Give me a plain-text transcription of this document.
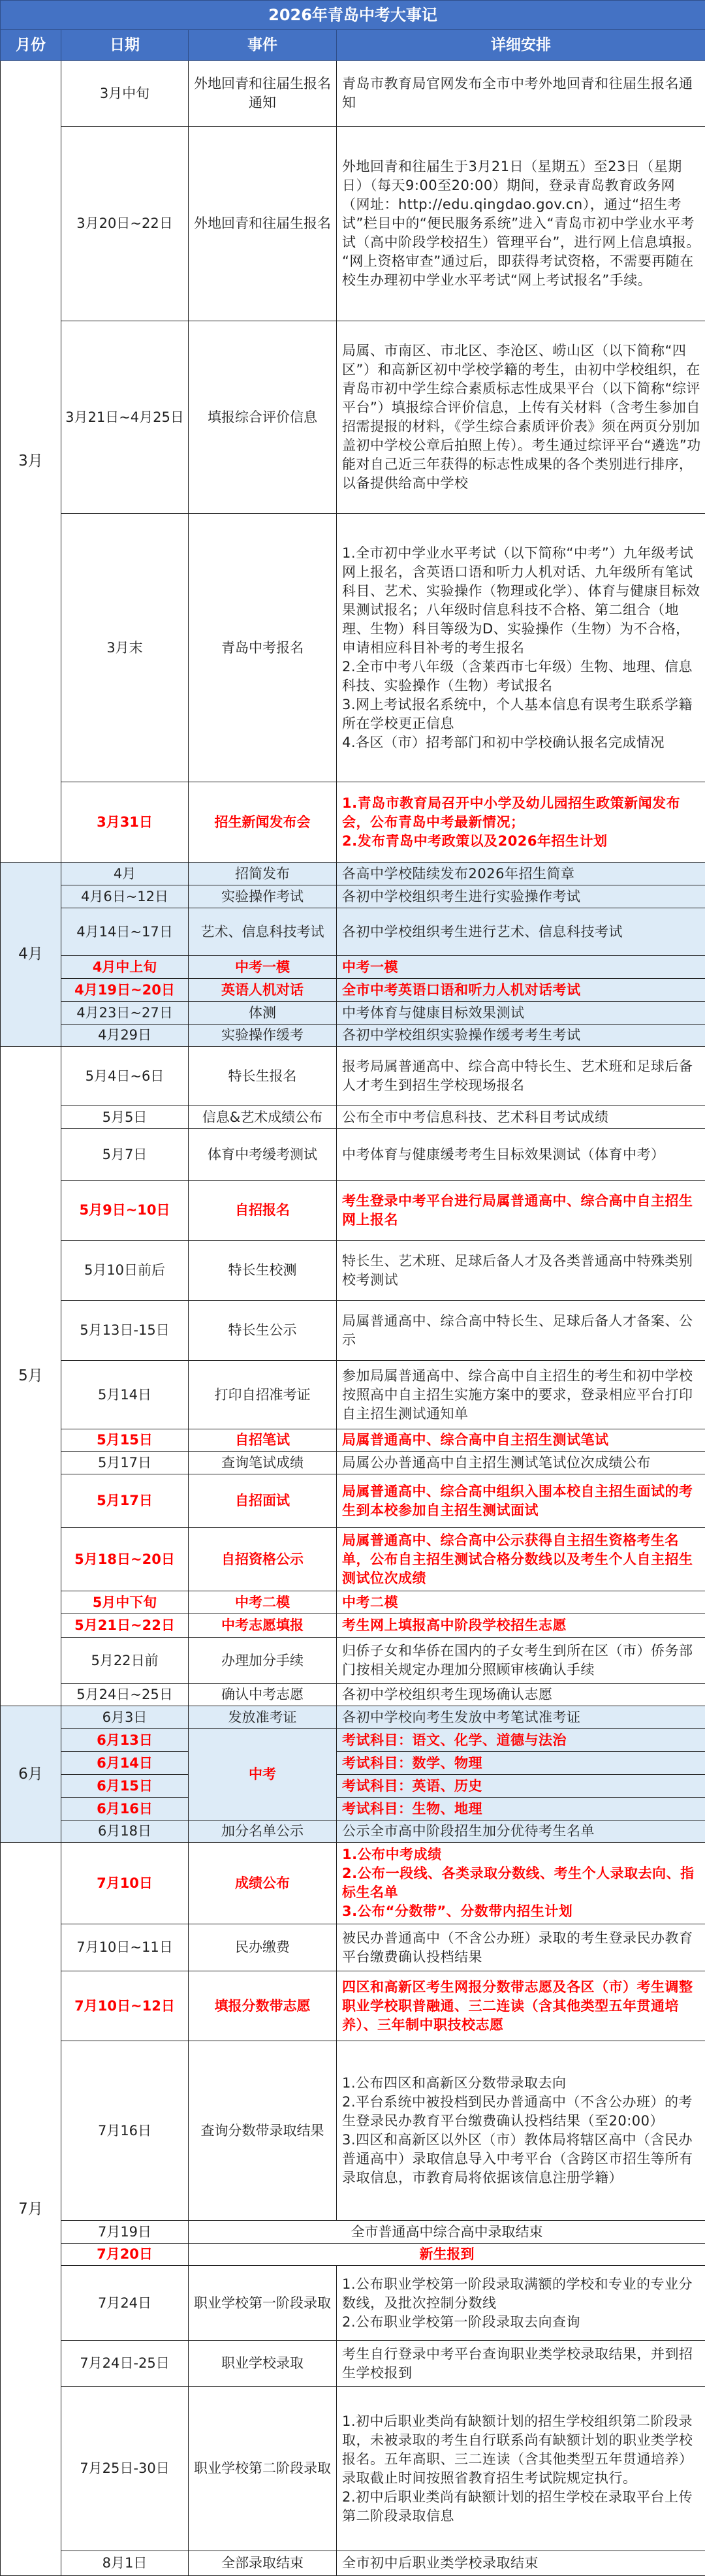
2026年青岛中考大事记			
月份	日期	事件	详细安排
3月	3月中旬	外地回青和往届生报名通知	青岛市教育局官网发布全市中考外地回青和往届生报名通知
	3月20日~22日	外地回青和往届生报名	外地回青和往届生于3月21日（星期五）至23日（星期日）（每天9:00至20:00）期间，登录青岛教育政务网（网址：http://edu.qingdao.gov.cn），通过“招生考试”栏目中的“便民服务系统”进入“青岛市初中学业水平考试（高中阶段学校招生）管理平台”，进行网上信息填报。
“网上资格审查”通过后，即获得考试资格，不需要再随在校生办理初中学业水平考试“网上考试报名”手续。

	3月21日~4月25日	填报综合评价信息	局属、市南区、市北区、李沧区、崂山区（以下简称“四区”）和高新区初中学校学籍的考生，由初中学校组织，在青岛市初中学生综合素质标志性成果平台（以下简称“综评平台”）填报综合评价信息，上传有关材料（含考生参加自招需提报的材料，《学生综合素质评价表》须在两页分别加盖初中学校公章后拍照上传）。考生通过综评平台“遴选”功能对自己近三年获得的标志性成果的各个类别进行排序，以备提供给高中学校
	3月末	青岛中考报名	1.全市初中学业水平考试（以下简称“中考”）九年级考试网上报名，含英语口语和听力人机对话、九年级所有笔试科目、艺术、实验操作（物理或化学）、体育与健康目标效果测试报名；八年级时信息科技不合格、第二组合（地理、生物）科目等级为D、实验操作（生物）为不合格，申请相应科目补考的考生报名
2.全市中考八年级（含莱西市七年级）生物、地理、信息科技、实验操作（生物）考试报名
3.网上考试报名系统中，个人基本信息有误考生联系学籍所在学校更正信息
4.各区（市）招考部门和初中学校确认报名完成情况

	3月31日	招生新闻发布会	1.青岛市教育局召开中小学及幼儿园招生政策新闻发布会，公布青岛中考最新情况；
2.发布青岛中考政策以及2026年招生计划

4月	4月	招简发布	各高中学校陆续发布2026年招生简章
	4月6日~12日	实验操作考试	各初中学校组织考生进行实验操作考试
	4月14日~17日	艺术、信息科技考试	各初中学校组织考生进行艺术、信息科技考试
	4月中上旬	中考一模	中考一模
	4月19日~20日	英语人机对话	全市中考英语口语和听力人机对话考试
	4月23日~27日	体测	中考体育与健康目标效果测试
	4月29日	实验操作缓考	各初中学校组织实验操作缓考考生考试
5月	5月4日~6日	特长生报名	报考局属普通高中、综合高中特长生、艺术班和足球后备人才考生到招生学校现场报名
	5月5日	信息&艺术成绩公布	公布全市中考信息科技、艺术科目考试成绩
	5月7日	体育中考缓考测试	中考体育与健康缓考考生目标效果测试（体育中考）
	5月9日~10日	自招报名	考生登录中考平台进行局属普通高中、综合高中自主招生网上报名
	5月10日前后	特长生校测	特长生、艺术班、足球后备人才及各类普通高中特殊类别校考测试
	5月13日-15日	特长生公示	局属普通高中、综合高中特长生、足球后备人才备案、公示
	5月14日	打印自招准考证	参加局属普通高中、综合高中自主招生的考生和初中学校按照高中自主招生实施方案中的要求，登录相应平台打印自主招生测试通知单
	5月15日	自招笔试	局属普通高中、综合高中自主招生测试笔试
	5月17日	查询笔试成绩	局属公办普通高中自主招生测试笔试位次成绩公布
	5月17日	自招面试	局属普通高中、综合高中组织入围本校自主招生面试的考生到本校参加自主招生测试面试
	5月18日~20日	自招资格公示	局属普通高中、综合高中公示获得自主招生资格考生名单，公布自主招生测试合格分数线以及考生个人自主招生测试位次成绩
	5月中下旬	中考二模	中考二模
	5月21日~22日	中考志愿填报	考生网上填报高中阶段学校招生志愿
	5月22日前	办理加分手续	归侨子女和华侨在国内的子女考生到所在区（市）侨务部门按相关规定办理加分照顾审核确认手续
	5月24日~25日	确认中考志愿	各初中学校组织考生现场确认志愿
6月	6月3日	发放准考证	各初中学校向考生发放中考笔试准考证
	6月13日	中考	考试科目：语文、化学、道德与法治
	6月14日		考试科目：数学、物理
	6月15日		考试科目：英语、历史
	6月16日		考试科目：生物、地理
	6月18日	加分名单公示	公示全市高中阶段招生加分优待考生名单
7月	7月10日	成绩公布	1.公布中考成绩
2.公布一段线、各类录取分数线、考生个人录取去向、指标生名单
3.公布“分数带”、分数带内招生计划

	7月10日~11日	民办缴费	被民办普通高中（不含公办班）录取的考生登录民办教育平台缴费确认投档结果
	7月10日~12日	填报分数带志愿	四区和高新区考生网报分数带志愿及各区（市）考生调整职业学校职普融通、三二连读（含其他类型五年贯通培养）、三年制中职技校志愿
	7月16日	查询分数带录取结果	1.公布四区和高新区分数带录取去向
2.平台系统中被投档到民办普通高中（不含公办班）的考生登录民办教育平台缴费确认投档结果（至20:00）
3.四区和高新区以外区（市）教体局将辖区高中（含民办普通高中）录取信息导入中考平台（含跨区市招生等所有录取信息，市教育局将依据该信息注册学籍）

	7月19日	全市普通高中综合高中录取结束	
	7月20日	新生报到	
	7月24日	职业学校第一阶段录取	1.公布职业学校第一阶段录取满额的学校和专业的专业分数线，及批次控制分数线
2.公布职业学校第一阶段录取去向查询

	7月24日-25日	职业学校录取	考生自行登录中考平台查询职业类学校录取结果，并到招生学校报到
	7月25日-30日	职业学校第二阶段录取	1.初中后职业类尚有缺额计划的招生学校组织第二阶段录取，未被录取的考生自行联系尚有缺额计划的职业类学校报名。五年高职、三二连读（含其他类型五年贯通培养）录取截止时间按照省教育招生考试院规定执行。
2.初中后职业类尚有缺额计划的招生学校在录取平台上传第二阶段录取信息

	8月1日	全部录取结束	全市初中后职业类学校录取结束
